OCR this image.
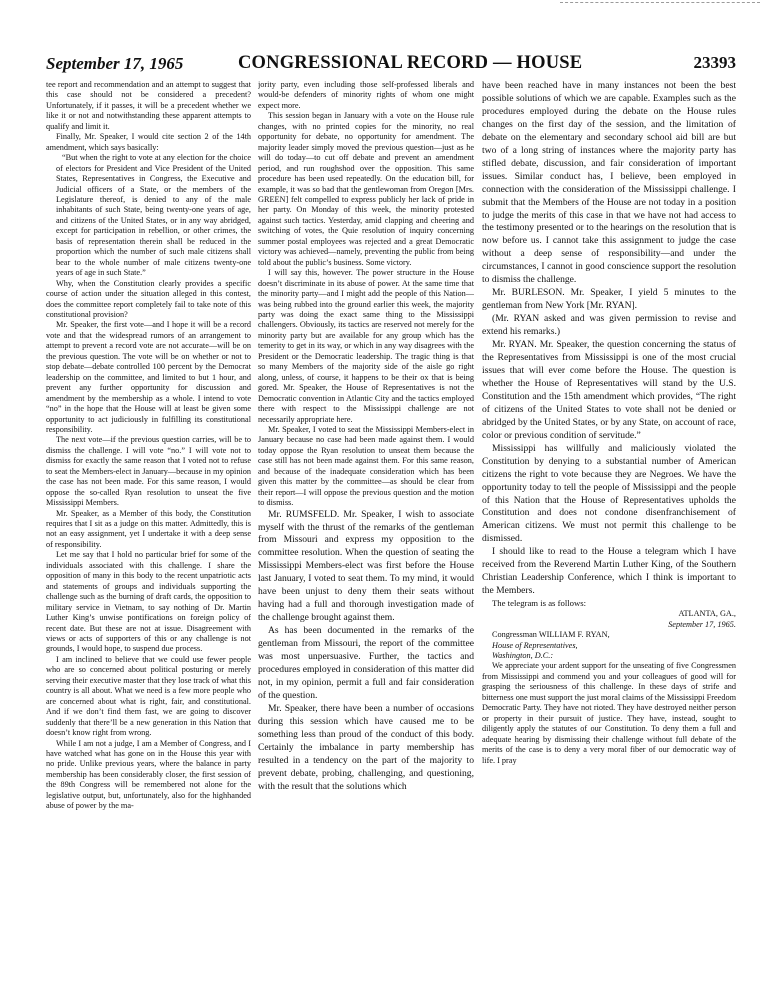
September 17, 1965	CONGRESSIONAL RECORD — HOUSE	23393

tee report and recommendation and an attempt to suggest that this case should not be considered a precedent? Unfortunately, if it passes, it will be a precedent whether we like it or not and notwithstanding these apparent attempts to qualify and limit it.

Finally, Mr. Speaker, I would cite section 2 of the 14th amendment, which says basically:

“But when the right to vote at any election for the choice of electors for President and Vice President of the United States, Representatives in Congress, the Executive and Judicial officers of a State, or the members of the Legislature thereof, is denied to any of the male inhabitants of such State, being twenty-one years of age, and citizens of the United States, or in any way abridged, except for participation in rebellion, or other crimes, the basis of representation therein shall be reduced in the proportion which the number of such male citizens shall bear to the whole number of male citizens twenty-one years of age in such State.”

Why, when the Constitution clearly provides a specific course of action under the situation alleged in this contest, does the committee report completely fail to take note of this constitutional provision?

Mr. Speaker, the first vote—and I hope it will be a record vote and that the widespread rumors of an arrangement to attempt to prevent a record vote are not accurate—will be on the previous question. The vote will be on whether or not to stop debate—debate controlled 100 percent by the Democrat leadership on the committee, and limited to but 1 hour, and prevent any further opportunity for discussion and amendment by the membership as a whole. I intend to vote “no” in the hope that the House will at least be given some opportunity to act judiciously in fulfilling its constitutional responsibility.

The next vote—if the previous question carries, will be to dismiss the challenge. I will vote “no.” I will vote not to dismiss for exactly the same reason that I voted not to refuse to seat the Members-elect in January—because in my opinion the case has not been made. For this same reason, I would oppose the so-called Ryan resolution to unseat the five Mississippi Members.

Mr. Speaker, as a Member of this body, the Constitution requires that I sit as a judge on this matter. Admittedly, this is not an easy assignment, yet I undertake it with a deep sense of responsibility.

Let me say that I hold no particular brief for some of the individuals associated with this challenge. I share the opposition of many in this body to the recent unpatriotic acts and statements of groups and individuals supporting the challenge such as the burning of draft cards, the opposition to military service in Vietnam, to say nothing of Dr. Martin Luther King’s unwise pontifications on foreign policy of recent date. But these are not at issue. Disagreement with views or acts of supporters of this or any challenge is not grounds, I would hope, to suspend due process.

I am inclined to believe that we could use fewer people who are so concerned about political posturing or merely serving their executive master that they lose track of what this country is all about. What we need is a few more people who are concerned about what is right, fair, and constitutional. And if we don’t find them fast, we are going to discover suddenly that there’ll be a new generation in this Nation that doesn’t know right from wrong.

While I am not a judge, I am a Member of Congress, and I have watched what has gone on in the House this year with no pride. Unlike previous years, where the balance in party membership has been considerably closer, the first session of the 89th Congress will be remembered not alone for the legislative output, but, unfortunately, also for the highhanded abuse of power by the ma-

jority party, even including those self-professed liberals and would-be defenders of minority rights of whom one might expect more.

This session began in January with a vote on the House rule changes, with no printed copies for the minority, no real opportunity for debate, no opportunity for amendment. The majority leader simply moved the previous question—just as he will do today—to cut off debate and prevent an amendment period, and run roughshod over the opposition. This same procedure has been used repeatedly. On the education bill, for example, it was so bad that the gentlewoman from Oregon [Mrs. GREEN] felt compelled to express publicly her lack of pride in her party. On Monday of this week, the minority protested against such tactics. Yesterday, amid clapping and cheering and switching of votes, the Quie resolution of inquiry concerning summer postal employees was rejected and a great Democratic victory was achieved—namely, preventing the public from being told about the public’s business. Some victory.

I will say this, however. The power structure in the House doesn’t discriminate in its abuse of power. At the same time that the minority party—and I might add the people of this Nation—was being rubbed into the ground earlier this week, the majority party was doing the exact same thing to the Mississippi challengers. Obviously, its tactics are reserved not merely for the minority party but are available for any group which has the temerity to get in its way, or which in any way disagrees with the President or the Democratic leadership. The tragic thing is that so many Members of the majority side of the aisle go right along, unless, of course, it happens to be their ox that is being gored. Mr. Speaker, the House of Representatives is not the Democratic convention in Atlantic City and the tactics employed there with respect to the Mississippi challenge are not necessarily appropriate here.

Mr. Speaker, I voted to seat the Mississippi Members-elect in January because no case had been made against them. I would today oppose the Ryan resolution to unseat them because the case still has not been made against them. For this same reason, and because of the inadequate consideration which has been given this matter by the committee—as should be clear from their report—I will oppose the previous question and the motion to dismiss.

Mr. RUMSFELD. Mr. Speaker, I wish to associate myself with the thrust of the remarks of the gentleman from Missouri and express my opposition to the committee resolution. When the question of seating the Mississippi Members-elect was first before the House last January, I voted to seat them. To my mind, it would have been unjust to deny them their seats without having had a full and thorough investigation made of the challenge brought against them.

As has been documented in the remarks of the gentleman from Missouri, the report of the committee was most unpersuasive. Further, the tactics and procedures employed in consideration of this matter did not, in my opinion, permit a full and fair consideration of the question.

Mr. Speaker, there have been a number of occasions during this session which have caused me to be something less than proud of the conduct of this body. Certainly the imbalance in party membership has resulted in a tendency on the part of the majority to prevent debate, probing, challenging, and questioning, with the result that the solutions which

have been reached have in many instances not been the best possible solutions of which we are capable. Examples such as the procedures employed during the debate on the House rules changes on the first day of the session, and the limitation of debate on the elementary and secondary school aid bill are but two of a long string of instances where the majority party has stifled debate, discussion, and fair consideration of important issues. Similar conduct has, I believe, been employed in connection with the consideration of the Mississippi challenge. I submit that the Members of the House are not today in a position to judge the merits of this case in that we have not had access to the testimony presented or to the hearings on the resolution that is now before us. I cannot take this assignment to judge the case without a deep sense of responsibility—and under the circumstances, I cannot in good conscience support the resolution to dismiss the challenge.

Mr. BURLESON. Mr. Speaker, I yield 5 minutes to the gentleman from New York [Mr. RYAN].

(Mr. RYAN asked and was given permission to revise and extend his remarks.)

Mr. RYAN. Mr. Speaker, the question concerning the status of the Representatives from Mississippi is one of the most crucial issues that will ever come before the House. The question is whether the House of Representatives will stand by the U.S. Constitution and the 15th amendment which provides, “The right of citizens of the United States to vote shall not be denied or abridged by the United States, or by any State, on account of race, color or previous condition of servitude.”

Mississippi has willfully and maliciously violated the Constitution by denying to a substantial number of American citizens the right to vote because they are Negroes. We have the opportunity today to tell the people of Mississippi and the people of this Nation that the House of Representatives upholds the Constitution and does not condone disenfranchisement of American citizens. We must not permit this challenge to be dismissed.

I should like to read to the House a telegram which I have received from the Reverend Martin Luther King, of the Southern Christian Leadership Conference, which I think is important to the Members.

The telegram is as follows:

ATLANTA, GA.,
September 17, 1965.

Congressman WILLIAM F. RYAN,

House of Representatives,

Washington, D.C.:

We appreciate your ardent support for the unseating of five Congressmen from Mississippi and commend you and your colleagues of good will for grasping the seriousness of this challenge. In these days of strife and bitterness one must support the just moral claims of the Mississippi Freedom Democratic Party. They have not rioted. They have destroyed neither person or property in their pursuit of justice. They have, instead, sought to diligently apply the statutes of our Constitution. To deny them a full and adequate hearing by dismissing their challenge without full debate of the merits of the case is to deny a very moral fiber of our democratic way of life. I pray
